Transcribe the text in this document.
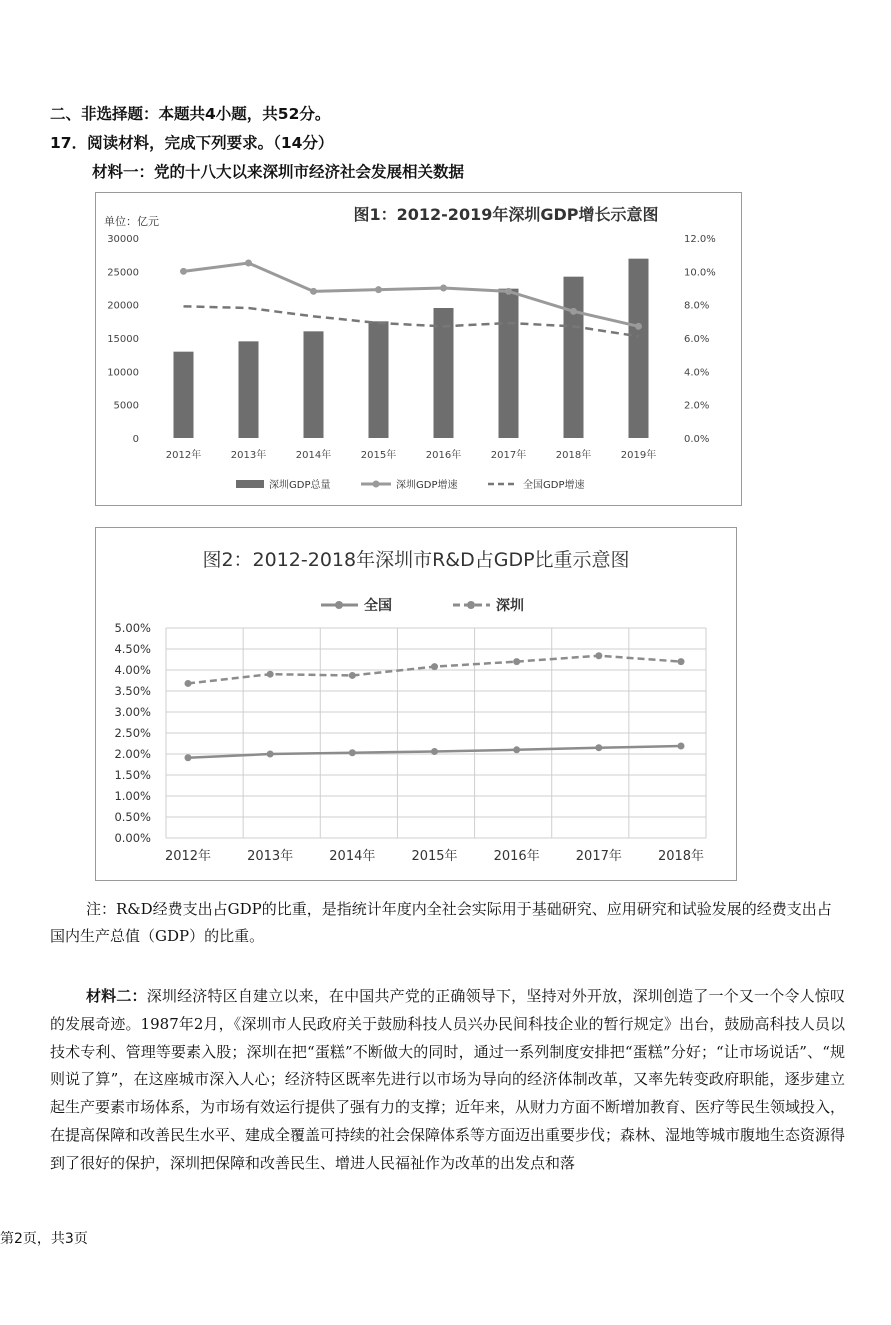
二、非选择题：本题共4小题，共52分。
17．阅读材料，完成下列要求。（14分）
材料一：党的十八大以来深圳市经济社会发展相关数据
图1：2012-2019年深圳GDP增长示意图
单位：亿元
0
5000
10000
15000
20000
25000
30000
0.0%
2.0%
4.0%
6.0%
8.0%
10.0%
12.0%
2012年	2013年	2014年	2015年	2016年	2017年	2018年	2019年
深圳GDP总量	深圳GDP增速	全国GDP增速
图2：2012-2018年深圳市R&D占GDP比重示意图
全国	深圳
0.00%
0.50%
1.00%
1.50%
2.00%
2.50%
3.00%
3.50%
4.00%
4.50%
5.00%
2012年	2013年	2014年	2015年	2016年	2017年	2018年
注：R&D经费支出占GDP的比重，是指统计年度内全社会实际用于基础研究、应用研究和试验发展的经费支出占国内生产总值（GDP）的比重。
材料二：深圳经济特区自建立以来，在中国共产党的正确领导下，坚持对外开放，深圳创造了一个又一个令人惊叹的发展奇迹。1987年2月，《深圳市人民政府关于鼓励科技人员兴办民间科技企业的暂行规定》出台，鼓励高科技人员以技术专利、管理等要素入股；深圳在把“蛋糕”不断做大的同时，通过一系列制度安排把“蛋糕”分好；“让市场说话”、“规则说了算”，在这座城市深入人心；经济特区既率先进行以市场为导向的经济体制改革，又率先转变政府职能，逐步建立起生产要素市场体系，为市场有效运行提供了强有力的支撑；近年来，从财力方面不断增加教育、医疗等民生领域投入，在提高保障和改善民生水平、建成全覆盖可持续的社会保障体系等方面迈出重要步伐；森林、湿地等城市腹地生态资源得到了很好的保护，深圳把保障和改善民生、增进人民福祉作为改革的出发点和落
第2页，共3页
